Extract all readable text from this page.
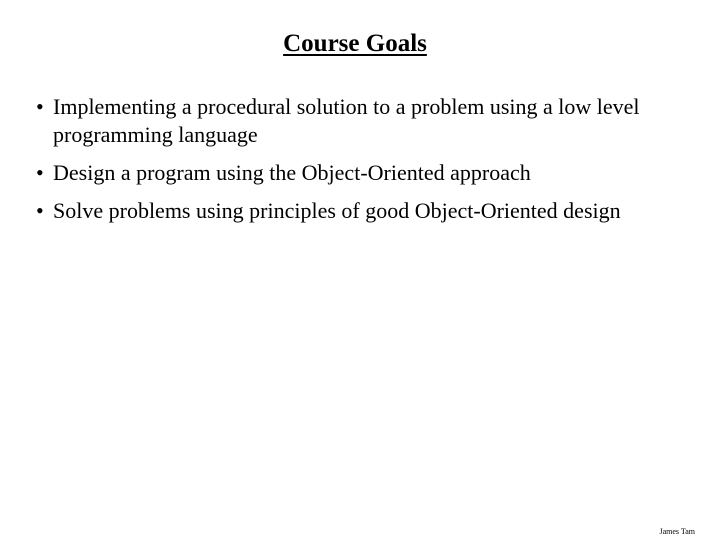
Course Goals
• Implementing a procedural solution to a problem using a low level programming language
• Design a program using the Object-Oriented approach
• Solve problems using principles of good Object-Oriented design
James Tam
